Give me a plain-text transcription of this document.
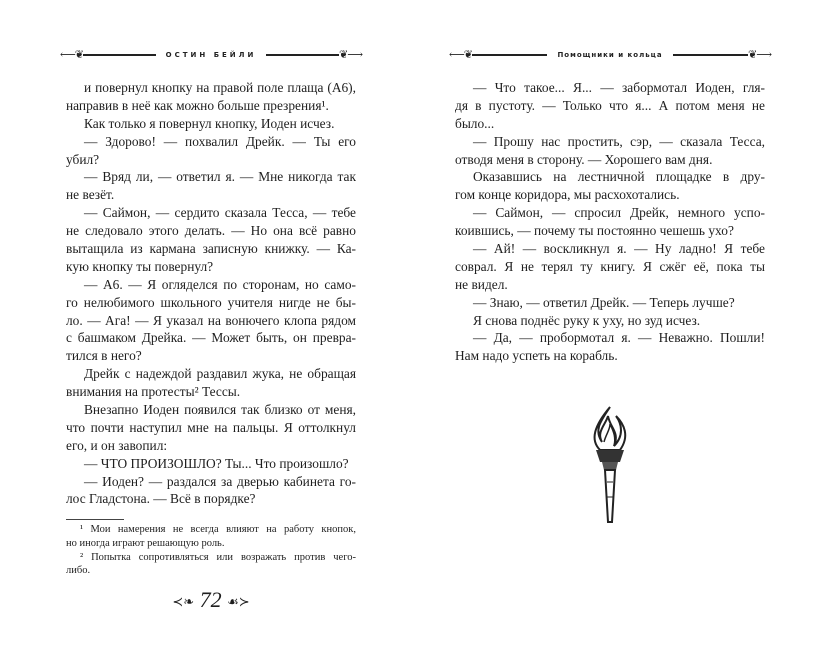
⟵❦	ОСТИН БЕЙЛИ	❦⟶
и повернул кнопку на правой поле плаща (А6),
направив в неё как можно больше презрения¹.
Как только я повернул кнопку, Иоден исчез.
— Здорово! — похвалил Дрейк. — Ты его
убил?
— Вряд ли, — ответил я. — Мне никогда так
не везёт.
— Саймон, — сердито сказала Тесса, — тебе
не следовало этого делать. — Но она всё равно
вытащила из кармана записную книжку. — Ка-
кую кнопку ты повернул?
— А6. — Я огляделся по сторонам, но само-
го нелюбимого школьного учителя нигде не бы-
ло. — Ага! — Я указал на вонючего клопа рядом
с башмаком Дрейка. — Может быть, он превра-
тился в него?
Дрейк с надеждой раздавил жука, не обращая
внимания на протесты² Тессы.
Внезапно Иоден появился так близко от меня,
что почти наступил мне на пальцы. Я оттолкнул
его, и он завопил:
— ЧТО ПРОИЗОШЛО? Ты... Что произошло?
— Иоден? — раздался за дверью кабинета го-
лос Гладстона. — Всё в порядке?
¹ Мои намерения не всегда влияют на работу кнопок,
но иногда играют решающую роль.
² Попытка сопротивляться или возражать против чего-
либо.
≺❧ 72 ☙≻
⟵❦	Помощники и кольца	❦⟶
— Что такое... Я... — забормотал Иоден, гля-
дя в пустоту. — Только что я... А потом меня не
было...
— Прошу нас простить, сэр, — сказала Тесса,
отводя меня в сторону. — Хорошего вам дня.
Оказавшись на лестничной площадке в дру-
гом конце коридора, мы расхохотались.
— Саймон, — спросил Дрейк, немного успо-
коившись, — почему ты постоянно чешешь ухо?
— Ай! — воскликнул я. — Ну ладно! Я тебе
соврал. Я не терял ту книгу. Я сжёг её, пока ты
не видел.
— Знаю, — ответил Дрейк. — Теперь лучше?
Я снова поднёс руку к уху, но зуд исчез.
— Да, — пробормотал я. — Неважно. Пошли!
Нам надо успеть на корабль.
